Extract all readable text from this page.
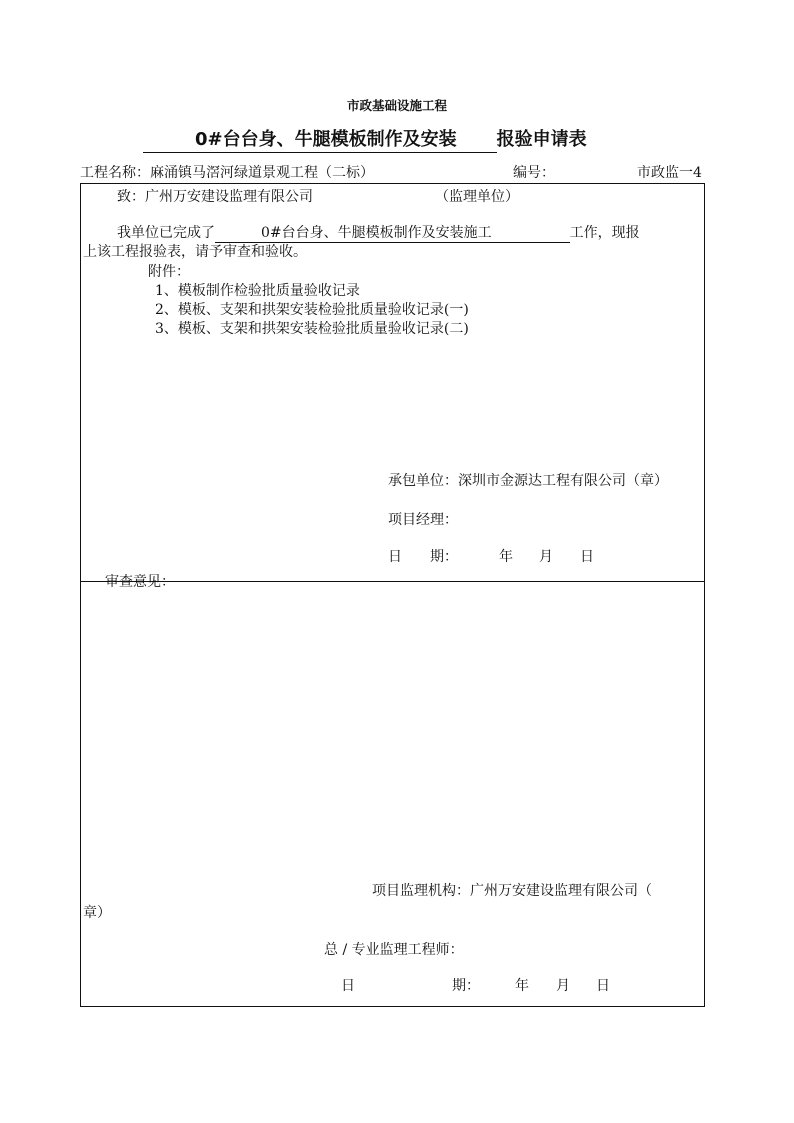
市政基础设施工程
0#台台身、牛腿模板制作及安装 报验申请表
工程名称：麻涌镇马滘河绿道景观工程（二标）	编号：	市政监一4
致：广州万安建设监理有限公司	（监理单位）
我单位已完成了	0#台台身、牛腿模板制作及安装施工	工作，现报
上该工程报验表，请予审查和验收。
附件：
1、模板制作检验批质量验收记录
2、模板、支架和拱架安装检验批质量验收记录(一)
3、模板、支架和拱架安装检验批质量验收记录(二)
承包单位：深圳市金源达工程有限公司（章）
项目经理：
日　　期：	年 月 日
审查意见：
项目监理机构：广州万安建设监理有限公司（
章）
总 / 专业监理工程师：
日	期：	年 月 日
